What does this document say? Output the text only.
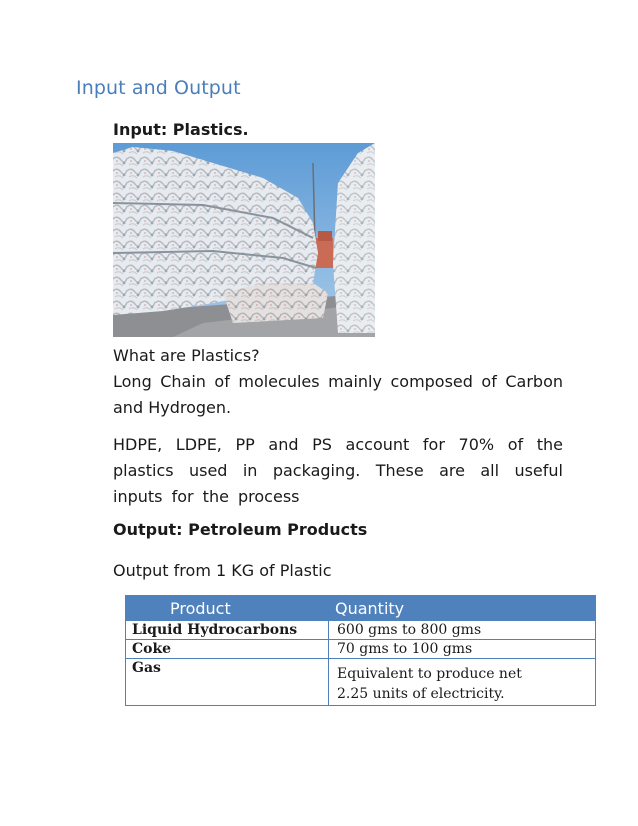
Input and Output
Input: Plastics.
What are Plastics?
Long Chain of molecules mainly composed of Carbon and Hydrogen.
HDPE, LDPE, PP and PS account for 70% of the plastics used in packaging. These are all useful inputs for the process
Output: Petroleum Products
Output from 1 KG of Plastic
Product	Quantity
Liquid Hydrocarbons	600 gms to 800 gms
Coke	70 gms to 100 gms
Gas	Equivalent to produce net
2.25 units of electricity.
